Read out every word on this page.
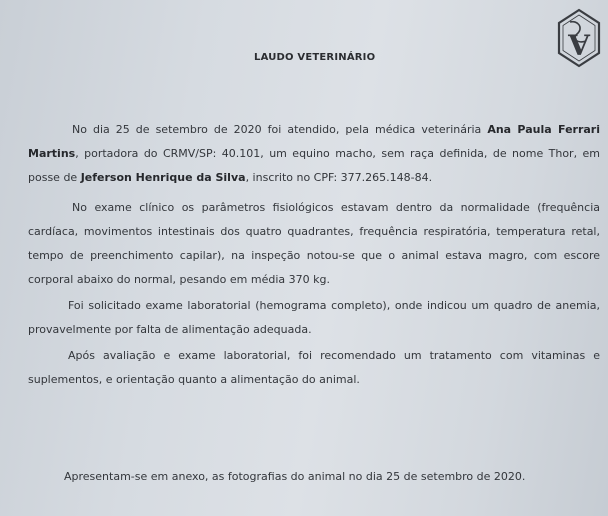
V
LAUDO VETERINÁRIO
No dia 25 de setembro de 2020 foi atendido, pela médica veterinária Ana Paula Ferrari Martins, portadora do CRMV/SP: 40.101, um equino macho, sem raça definida, de nome Thor, em posse de Jeferson Henrique da Silva, inscrito no CPF: 377.265.148-84.
No exame clínico os parâmetros fisiológicos estavam dentro da normalidade (frequência cardíaca, movimentos intestinais dos quatro quadrantes, frequência respiratória, temperatura retal, tempo de preenchimento capilar), na inspeção notou-se que o animal estava magro, com escore corporal abaixo do normal, pesando em média 370 kg.
Foi solicitado exame laboratorial (hemograma completo), onde indicou um quadro de anemia, provavelmente por falta de alimentação adequada.
Após avaliação e exame laboratorial, foi recomendado um tratamento com vitaminas e suplementos, e orientação quanto a alimentação do animal.
Apresentam-se em anexo, as fotografias do animal no dia 25 de setembro de 2020.
